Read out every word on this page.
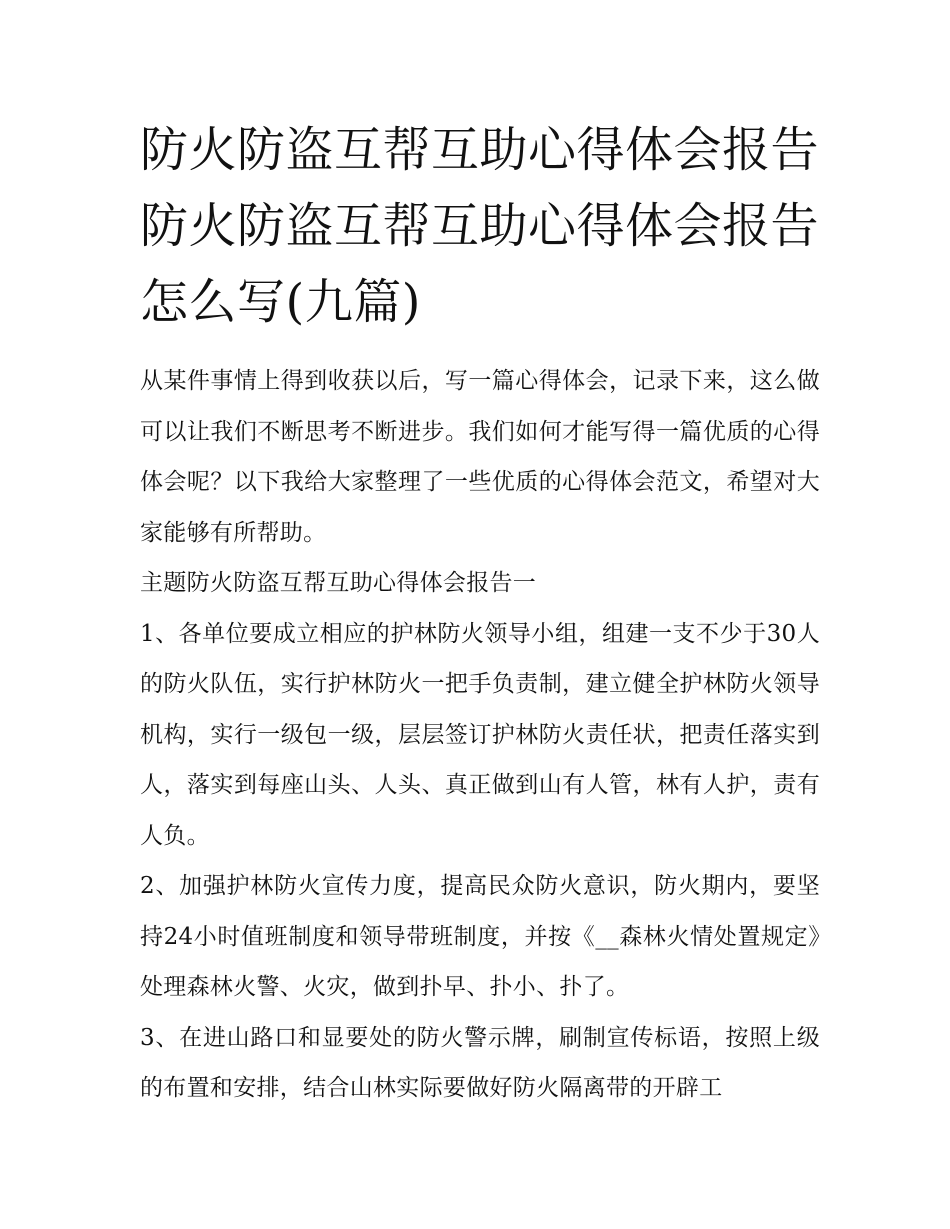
防火防盗互帮互助心得体会报告 防火防盗互帮互助心得体会报告怎么写(九篇)

从某件事情上得到收获以后，写一篇心得体会，记录下来，这么做可以让我们不断思考不断进步。我们如何才能写得一篇优质的心得体会呢？以下我给大家整理了一些优质的心得体会范文，希望对大家能够有所帮助。

主题防火防盗互帮互助心得体会报告一

1、各单位要成立相应的护林防火领导小组，组建一支不少于30人的防火队伍，实行护林防火一把手负责制，建立健全护林防火领导机构，实行一级包一级，层层签订护林防火责任状，把责任落实到人，落实到每座山头、人头、真正做到山有人管，林有人护，责有人负。

2、加强护林防火宣传力度，提高民众防火意识，防火期内，要坚持24小时值班制度和领导带班制度，并按《__森林火情处置规定》处理森林火警、火灾，做到扑早、扑小、扑了。

3、在进山路口和显要处的防火警示牌，刷制宣传标语，按照上级的布置和安排，结合山林实际要做好防火隔离带的开辟工
